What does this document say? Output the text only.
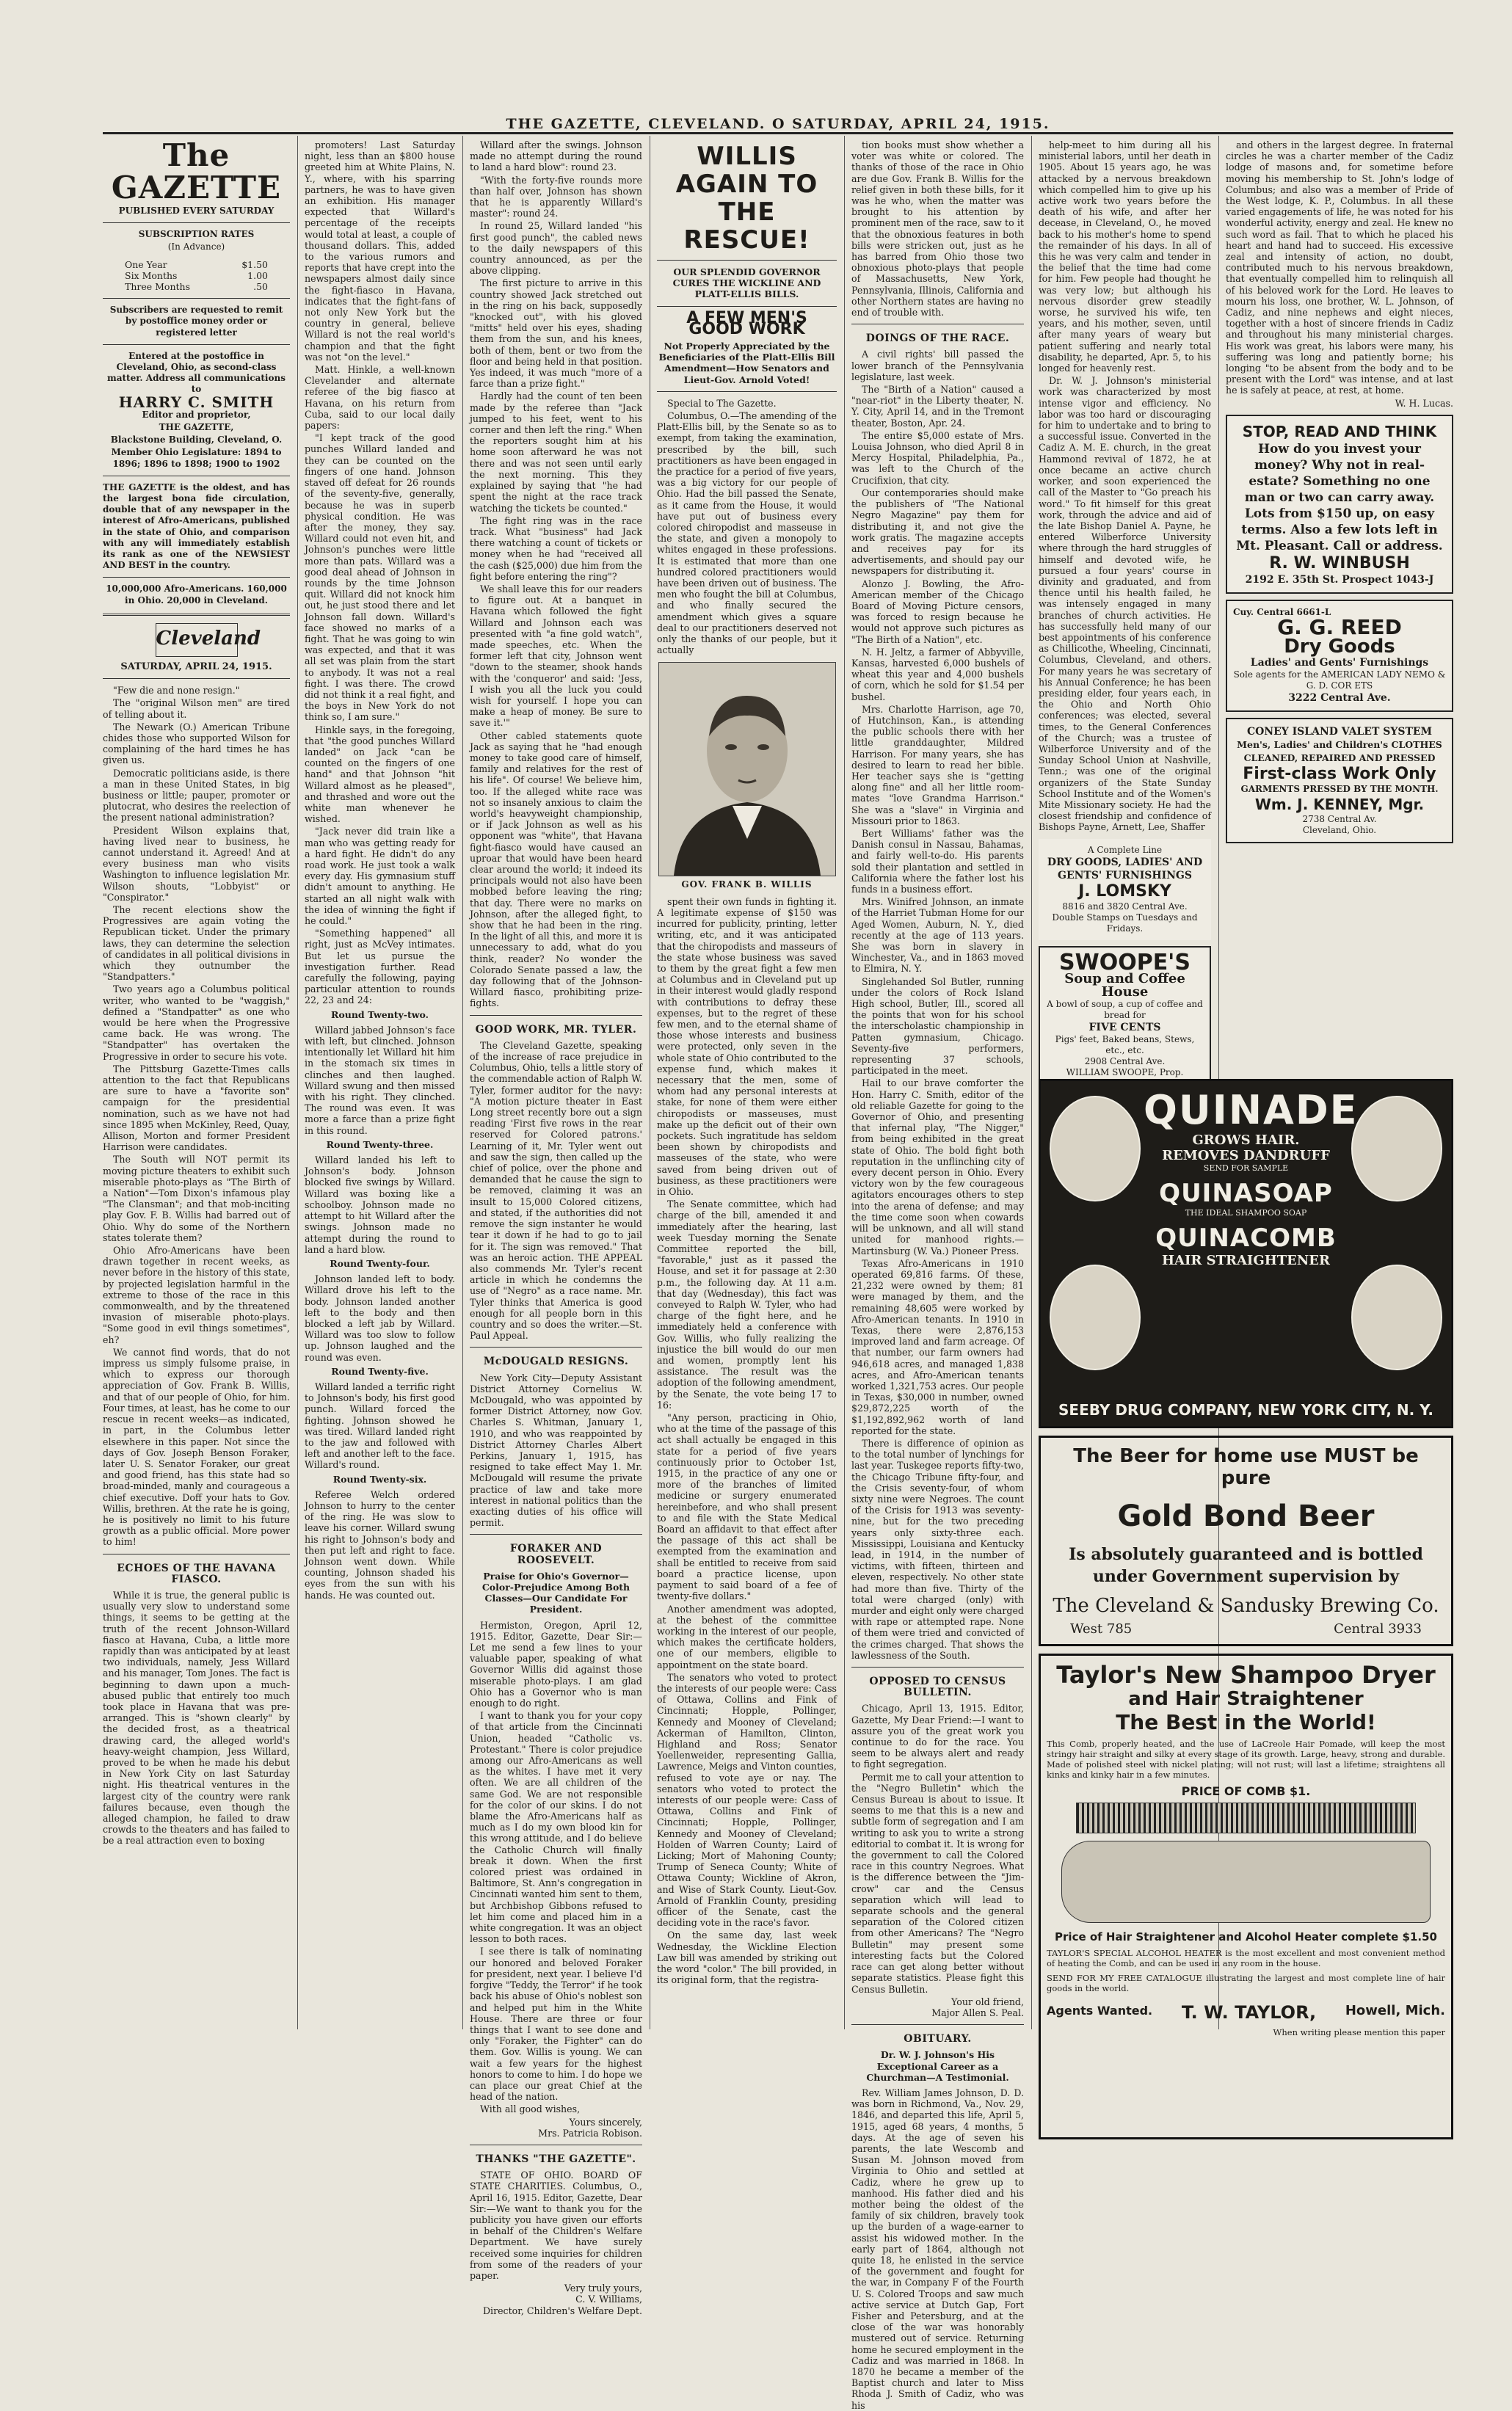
THE GAZETTE, CLEVELAND. O SATURDAY, APRIL 24, 1915.
The GAZETTE
PUBLISHED EVERY SATURDAY
SUBSCRIPTION RATES
(In Advance)
One Year	$1.50
Six Months	1.00
Three Months	.50
Subscribers are requested to remit by postoffice money order or registered letter
Entered at the postoffice in Cleveland, Ohio, as second-class matter. Address all communications to
HARRY C. SMITH
Editor and proprietor,
THE GAZETTE,
Blackstone Building, Cleveland, O.
Member Ohio Legislature: 1894 to 1896; 1896 to 1898; 1900 to 1902
THE GAZETTE is the oldest, and has the largest bona fide circulation, double that of any newspaper in the interest of Afro-Americans, published in the state of Ohio, and comparison with any will immediately establish its rank as one of the NEWSIEST AND BEST in the country.
10,000,000 Afro-Americans. 160,000 in Ohio. 20,000 in Cleveland.
Cleveland
SATURDAY, APRIL 24, 1915.

"Few die and none resign."

The "original Wilson men" are tired of telling about it.

The Newark (O.) American Tribune chides those who supported Wilson for complaining of the hard times he has given us.

Democratic politicians aside, is there a man in these United States, in big business or little; pauper, promoter or plutocrat, who desires the reelection of the present national administration?

President Wilson explains that, having lived near to business, he cannot understand it. Agreed! And at every business man who visits Washington to influence legislation Mr. Wilson shouts, "Lobbyist" or "Conspirator."

The recent elections show the Progressives are again voting the Republican ticket. Under the primary laws, they can determine the selection of candidates in all political divisions in which they outnumber the "Standpatters."

Two years ago a Columbus political writer, who wanted to be "waggish," defined a "Standpatter" as one who would be here when the Progressive came back. He was wrong. The "Standpatter" has overtaken the Progressive in order to secure his vote.

The Pittsburg Gazette-Times calls attention to the fact that Republicans are sure to have a "favorite son" campaign for the presidential nomination, such as we have not had since 1895 when McKinley, Reed, Quay, Allison, Morton and former President Harrison were candidates.

The South will NOT permit its moving picture theaters to exhibit such miserable photo-plays as "The Birth of a Nation"—Tom Dixon's infamous play "The Clansman"; and that mob-inciting play Gov. F. B. Willis had barred out of Ohio. Why do some of the Northern states tolerate them?

Ohio Afro-Americans have been drawn together in recent weeks, as never before in the history of this state, by projected legislation harmful in the extreme to those of the race in this commonwealth, and by the threatened invasion of miserable photo-plays. "Some good in evil things sometimes", eh?

We cannot find words, that do not impress us simply fulsome praise, in which to express our thorough appreciation of Gov. Frank B. Willis, and that of our people of Ohio, for him. Four times, at least, has he come to our rescue in recent weeks—as indicated, in part, in the Columbus letter elsewhere in this paper. Not since the days of Gov. Joseph Benson Foraker, later U. S. Senator Foraker, our great and good friend, has this state had so broad-minded, manly and courageous a chief executive. Doff your hats to Gov. Willis, brethren. At the rate he is going, he is positively no limit to his future growth as a public official. More power to him!

ECHOES OF THE HAVANA FIASCO.

While it is true, the general public is usually very slow to understand some things, it seems to be getting at the truth of the recent Johnson-Willard fiasco at Havana, Cuba, a little more rapidly than was anticipated by at least two individuals, namely, Jess Willard and his manager, Tom Jones. The fact is beginning to dawn upon a much-abused public that entirely too much took place in Havana that was pre-arranged. This is "shown clearly" by the decided frost, as a theatrical drawing card, the alleged world's heavy-weight champion, Jess Willard, proved to be when he made his debut in New York City on last Saturday night. His theatrical ventures in the largest city of the country were rank failures because, even though the alleged champion, he failed to draw crowds to the theaters and has failed to be a real attraction even to boxing

promoters! Last Saturday night, less than an $800 house greeted him at White Plains, N. Y., where, with his sparring partners, he was to have given an exhibition. His manager expected that Willard's percentage of the receipts would total at least, a couple of thousand dollars. This, added to the various rumors and reports that have crept into the newspapers almost daily since the fight-fiasco in Havana, indicates that the fight-fans of not only New York but the country in general, believe Willard is not the real world's champion and that the fight was not "on the level."

Matt. Hinkle, a well-known Clevelander and alternate referee of the big fiasco at Havana, on his return from Cuba, said to our local daily papers:

"I kept track of the good punches Willard landed and they can be counted on the fingers of one hand. Johnson staved off defeat for 26 rounds of the seventy-five, generally, because he was in superb physical condition. He was after the money, they say. Willard could not even hit, and Johnson's punches were little more than pats. Willard was a good deal ahead of Johnson in rounds by the time Johnson quit. Willard did not knock him out, he just stood there and let Johnson fall down. Willard's face showed no marks of a fight. That he was going to win was expected, and that it was all set was plain from the start to anybody. It was not a real fight. I was there. The crowd did not think it a real fight, and the boys in New York do not think so, I am sure."

Hinkle says, in the foregoing, that "the good punches Willard landed" on Jack "can be counted on the fingers of one hand" and that Johnson "hit Willard almost as he pleased", and thrashed and wore out the white man whenever he wished.

"Jack never did train like a man who was getting ready for a hard fight. He didn't do any road work. He just took a walk every day. His gymnasium stuff didn't amount to anything. He started an all night walk with the idea of winning the fight if he could."

"Something happened" all right, just as McVey intimates. But let us pursue the investigation further. Read carefully the following, paying particular attention to rounds 22, 23 and 24:

Round Twenty-two.

Willard jabbed Johnson's face with left, but clinched. Johnson intentionally let Willard hit him in the stomach six times in clinches and then laughed. Willard swung and then missed with his right. They clinched. The round was even. It was more a farce than a prize fight in this round.

Round Twenty-three.

Willard landed his left to Johnson's body. Johnson blocked five swings by Willard. Willard was boxing like a schoolboy. Johnson made no attempt to hit Willard after the swings. Johnson made no attempt during the round to land a hard blow.

Round Twenty-four.

Johnson landed left to body. Willard drove his left to the body. Johnson landed another left to the body and then blocked a left jab by Willard. Willard was too slow to follow up. Johnson laughed and the round was even.

Round Twenty-five.

Willard landed a terrific right to Johnson's body, his first good punch. Willard forced the fighting. Johnson showed he was tired. Willard landed right to the jaw and followed with left and another left to the face. Willard's round.

Round Twenty-six.

Referee Welch ordered Johnson to hurry to the center of the ring. He was slow to leave his corner. Willard swung his right to Johnson's body and then put left and right to face. Johnson went down. While counting, Johnson shaded his eyes from the sun with his hands. He was counted out.

Willard after the swings. Johnson made no attempt during the round to land a hard blow": round 23.

"With the forty-five rounds more than half over, Johnson has shown that he is apparently Willard's master": round 24.

In round 25, Willard landed "his first good punch", the cabled news to the daily newspapers of this country announced, as per the above clipping.

The first picture to arrive in this country showed Jack stretched out in the ring on his back, supposedly "knocked out", with his gloved "mitts" held over his eyes, shading them from the sun, and his knees, both of them, bent or two from the floor and being held in that position. Yes indeed, it was much "more of a farce than a prize fight."

Hardly had the count of ten been made by the referee than "Jack jumped to his feet, went to his corner and then left the ring." When the reporters sought him at his home soon afterward he was not there and was not seen until early the next morning. This they explained by saying that "he had spent the night at the race track watching the tickets be counted."

The fight ring was in the race track. What "business" had Jack there watching a count of tickets or money when he had "received all the cash ($25,000) due him from the fight before entering the ring"?

We shall leave this for our readers to figure out. At a banquet in Havana which followed the fight Willard and Johnson each was presented with "a fine gold watch", made speeches, etc. When the former left that city, Johnson went "down to the steamer, shook hands with the 'conqueror' and said: 'Jess, I wish you all the luck you could wish for yourself. I hope you can make a heap of money. Be sure to save it.'"

Other cabled statements quote Jack as saying that he "had enough money to take good care of himself, family and relatives for the rest of his life". Of course! We believe him, too. If the alleged white race was not so insanely anxious to claim the world's heavyweight championship, or if Jack Johnson as well as his opponent was "white", that Havana fight-fiasco would have caused an uproar that would have been heard clear around the world; it indeed its principals would not also have been mobbed before leaving the ring; that day. There were no marks on Johnson, after the alleged fight, to show that he had been in the ring. In the light of all this, and more it is unnecessary to add, what do you think, reader? No wonder the Colorado Senate passed a law, the day following that of the Johnson-Willard fiasco, prohibiting prize-fights.

GOOD WORK, MR. TYLER.

The Cleveland Gazette, speaking of the increase of race prejudice in Columbus, Ohio, tells a little story of the commendable action of Ralph W. Tyler, former auditor for the navy: "A motion picture theater in East Long street recently bore out a sign reading 'First five rows in the rear reserved for Colored patrons.' Learning of it, Mr. Tyler went out and saw the sign, then called up the chief of police, over the phone and demanded that he cause the sign to be removed, claiming it was an insult to 15,000 Colored citizens, and stated, if the authorities did not remove the sign instanter he would tear it down if he had to go to jail for it. The sign was removed." That was an heroic action. THE APPEAL also commends Mr. Tyler's recent article in which he condemns the use of "Negro" as a race name. Mr. Tyler thinks that America is good enough for all people born in this country and so does the writer.—St. Paul Appeal.

McDOUGALD RESIGNS.

New York City—Deputy Assistant District Attorney Cornelius W. McDougald, who was appointed by former District Attorney, now Gov. Charles S. Whitman, January 1, 1910, and who was reappointed by District Attorney Charles Albert Perkins, January 1, 1915, has resigned to take effect May 1. Mr. McDougald will resume the private practice of law and take more interest in national politics than the exacting duties of his office will permit.

FORAKER AND ROOSEVELT.
Praise for Ohio's Governor—Color-Prejudice Among Both Classes—Our Candidate For President.

Hermiston, Oregon, April 12, 1915. Editor, Gazette, Dear Sir:—Let me send a few lines to your valuable paper, speaking of what Governor Willis did against those miserable photo-plays. I am glad Ohio has a Governor who is man enough to do right.

I want to thank you for your copy of that article from the Cincinnati Union, headed "Catholic vs. Protestant." There is color prejudice among our Afro-Americans as well as the whites. I have met it very often. We are all children of the same God. We are not responsible for the color of our skins. I do not blame the Afro-Americans half as much as I do my own blood kin for this wrong attitude, and I do believe the Catholic Church will finally break it down. When the first colored priest was ordained in Baltimore, St. Ann's congregation in Cincinnati wanted him sent to them, but Archbishop Gibbons refused to let him come and placed him in a white congregation. It was an object lesson to both races.

I see there is talk of nominating our honored and beloved Foraker for president, next year. I believe I'd forgive "Teddy, the Terror" if he took back his abuse of Ohio's noblest son and helped put him in the White House. There are three or four things that I want to see done and only "Foraker, the Fighter" can do them. Gov. Willis is young. We can wait a few years for the highest honors to come to him. I do hope we can place our great Chief at the head of the nation.

With all good wishes,

Yours sincerely,
Mrs. Patricia Robison.
THANKS "THE GAZETTE".

STATE OF OHIO. BOARD OF STATE CHARITIES. Columbus, O., April 16, 1915. Editor, Gazette, Dear Sir:—We want to thank you for the publicity you have given our efforts in behalf of the Children's Welfare Department. We have surely received some inquiries for children from some of the readers of your paper.

Very truly yours,
C. V. Williams,
Director, Children's Welfare Dept.
WILLIS AGAIN TO THE RESCUE!
OUR SPLENDID GOVERNOR CURES THE WICKLINE AND PLATT-ELLIS BILLS.
A FEW MEN'S GOOD WORK
Not Properly Appreciated by the Beneficiaries of the Platt-Ellis Bill Amendment—How Senators and Lieut-Gov. Arnold Voted!

Special to The Gazette.

Columbus, O.—The amending of the Platt-Ellis bill, by the Senate so as to exempt, from taking the examination, prescribed by the bill, such practitioners as have been engaged in the practice for a period of five years, was a big victory for our people of Ohio. Had the bill passed the Senate, as it came from the House, it would have put out of business every colored chiropodist and masseuse in the state, and given a monopoly to whites engaged in these professions. It is estimated that more than one hundred colored practitioners would have been driven out of business. The men who fought the bill at Columbus, and who finally secured the amendment which gives a square deal to our practitioners deserved not only the thanks of our people, but it actually

GOV. FRANK B. WILLIS

spent their own funds in fighting it. A legitimate expense of $150 was incurred for publicity, printing, letter writing, etc, and it was anticipated that the chiropodists and masseurs of the state whose business was saved to them by the great fight a few men at Columbus and in Cleveland put up in their interest would gladly respond with contributions to defray these expenses, but to the regret of these few men, and to the eternal shame of those whose interests and business were protected, only seven in the whole state of Ohio contributed to the expense fund, which makes it necessary that the men, some of whom had any personal interests at stake, for none of them were either chiropodists or masseuses, must make up the deficit out of their own pockets. Such ingratitude has seldom been shown by chiropodists and masseuses of the state, who were saved from being driven out of business, as these practitioners were in Ohio.

The Senate committee, which had charge of the bill, amended it and immediately after the hearing, last week Tuesday morning the Senate Committee reported the bill, "favorable," just as it passed the House, and set it for passage at 2:30 p.m., the following day. At 11 a.m. that day (Wednesday), this fact was conveyed to Ralph W. Tyler, who had charge of the fight here, and he immediately held a conference with Gov. Willis, who fully realizing the injustice the bill would do our men and women, promptly lent his assistance. The result was the adoption of the following amendment, by the Senate, the vote being 17 to 16:

"Any person, practicing in Ohio, who at the time of the passage of this act shall actually be engaged in this state for a period of five years continuously prior to October 1st, 1915, in the practice of any one or more of the branches of limited medicine or surgery enumerated hereinbefore, and who shall present to and file with the State Medical Board an affidavit to that effect after the passage of this act shall be exempted from the examination and shall be entitled to receive from said board a practice license, upon payment to said board of a fee of twenty-five dollars."

Another amendment was adopted, at the behest of the committee working in the interest of our people, which makes the certificate holders, one of our members, eligible to appointment on the state board.

The senators who voted to protect the interests of our people were: Cass of Ottawa, Collins and Fink of Cincinnati; Hopple, Pollinger, Kennedy and Mooney of Cleveland; Ackerman of Hamilton, Clinton, Highland and Ross; Senator Yoellenweider, representing Gallia, Lawrence, Meigs and Vinton counties, refused to vote aye or nay. The senators who voted to protect the interests of our people were: Cass of Ottawa, Collins and Fink of Cincinnati; Hopple, Pollinger, Kennedy and Mooney of Cleveland; Holden of Warren County; Laird of Licking; Mort of Mahoning County; Trump of Seneca County; White of Ottawa County; Wickline of Akron, and Wise of Stark County. Lieut-Gov. Arnold of Franklin County, presiding officer of the Senate, cast the deciding vote in the race's favor.

On the same day, last week Wednesday, the Wickline Election Law bill was amended by striking out the word "color." The bill provided, in its original form, that the registra-

tion books must show whether a voter was white or colored. The thanks of those of the race in Ohio are due Gov. Frank B. Willis for the relief given in both these bills, for it was he who, when the matter was brought to his attention by prominent men of the race, saw to it that the obnoxious features in both bills were stricken out, just as he has barred from Ohio those two obnoxious photo-plays that people of Massachusetts, New York, Pennsylvania, Illinois, California and other Northern states are having no end of trouble with.

DOINGS OF THE RACE.

A civil rights' bill passed the lower branch of the Pennsylvania legislature, last week.

The "Birth of a Nation" caused a "near-riot" in the Liberty theater, N. Y. City, April 14, and in the Tremont theater, Boston, Apr. 24.

The entire $5,000 estate of Mrs. Louisa Johnson, who died April 8 in Mercy Hospital, Philadelphia, Pa., was left to the Church of the Crucifixion, that city.

Our contemporaries should make the publishers of "The National Negro Magazine" pay them for distributing it, and not give the work gratis. The magazine accepts and receives pay for its advertisements, and should pay our newspapers for distributing it.

Alonzo J. Bowling, the Afro-American member of the Chicago Board of Moving Picture censors, was forced to resign because he would not approve such pictures as "The Birth of a Nation", etc.

N. H. Jeltz, a farmer of Abbyville, Kansas, harvested 6,000 bushels of wheat this year and 4,000 bushels of corn, which he sold for $1.54 per bushel.

Mrs. Charlotte Harrison, age 70, of Hutchinson, Kan., is attending the public schools there with her little granddaughter, Mildred Harrison. For many years, she has desired to learn to read her bible. Her teacher says she is "getting along fine" and all her little room-mates "love Grandma Harrison." She was a "slave" in Virginia and Missouri prior to 1863.

Bert Williams' father was the Danish consul in Nassau, Bahamas, and fairly well-to-do. His parents sold their plantation and settled in California where the father lost his funds in a business effort.

Mrs. Winifred Johnson, an inmate of the Harriet Tubman Home for our Aged Women, Auburn, N. Y., died recently at the age of 113 years. She was born in slavery in Winchester, Va., and in 1863 moved to Elmira, N. Y.

Singlehanded Sol Butler, running under the colors of Rock Island High school, Butler, Ill., scored all the points that won for his school the interscholastic championship in Patten gymnasium, Chicago. Seventy-five performers, representing 37 schools, participated in the meet.

Hail to our brave comforter the Hon. Harry C. Smith, editor of the old reliable Gazette for going to the Governor of Ohio, and presenting that infernal play, "The Nigger," from being exhibited in the great state of Ohio. The bold fight both reputation in the unflinching city of every decent person in Ohio. Every victory won by the few courageous agitators encourages others to step into the arena of defense; and may the time come soon when cowards will be unknown, and all will stand united for manhood rights.—Martinsburg (W. Va.) Pioneer Press.

Texas Afro-Americans in 1910 operated 69,816 farms. Of these, 21,232 were owned by them; 81 were managed by them, and the remaining 48,605 were worked by Afro-American tenants. In 1910 in Texas, there were 2,876,153 improved land and farm acreage. Of that number, our farm owners had 946,618 acres, and managed 1,838 acres, and Afro-American tenants worked 1,321,753 acres. Our people in Texas, $30,000 in number, owned $29,872,225 worth of the $1,192,892,962 worth of land reported for the state.

There is difference of opinion as to the total number of lynchings for last year. Tuskegee reports fifty-two, the Chicago Tribune fifty-four, and the Crisis seventy-four, of whom sixty nine were Negroes. The count of the Crisis for 1913 was seventy-nine, but for the two preceding years only sixty-three each. Mississippi, Louisiana and Kentucky lead, in 1914, in the number of victims, with fifteen, thirteen and eleven, respectively. No other state had more than five. Thirty of the total were charged (only) with murder and eight only were charged with rape or attempted rape. None of them were tried and convicted of the crimes charged. That shows the lawlessness of the South.

OPPOSED TO CENSUS BULLETIN.

Chicago, April 13, 1915. Editor, Gazette, My Dear Friend:—I want to assure you of the great work you continue to do for the race. You seem to be always alert and ready to fight segregation.

Permit me to call your attention to the "Negro Bulletin" which the Census Bureau is about to issue. It seems to me that this is a new and subtle form of segregation and I am writing to ask you to write a strong editorial to combat it. It is wrong for the government to call the Colored race in this country Negroes. What is the difference between the "Jim-crow" car and the Census separation which will lead to separate schools and the general separation of the Colored citizen from other Americans? The "Negro Bulletin" may present some interesting facts but the Colored race can get along better without separate statistics. Please fight this Census Bulletin.

Your old friend,
Major Allen S. Peal.
OBITUARY.
Dr. W. J. Johnson's His Exceptional Career as a Churchman—A Testimonial.

Rev. William James Johnson, D. D. was born in Richmond, Va., Nov. 29, 1846, and departed this life, April 5, 1915, aged 68 years, 4 months, 5 days. At the age of seven his parents, the late Wescomb and Susan M. Johnson moved from Virginia to Ohio and settled at Cadiz, where he grew up to manhood. His father died and his mother being the oldest of the family of six children, bravely took up the burden of a wage-earner to assist his widowed mother. In the early part of 1864, although not quite 18, he enlisted in the service of the government and fought for the war, in Company F of the Fourth U. S. Colored Troops and saw much active service at Dutch Gap, Fort Fisher and Petersburg, and at the close of the war was honorably mustered out of service. Returning home he secured employment in the Cadiz and was married in 1868. In 1870 he became a member of the Baptist church and later to Miss Rhoda J. Smith of Cadiz, who was his

help-meet to him during all his ministerial labors, until her death in 1905. About 15 years ago, he was attacked by a nervous breakdown which compelled him to give up his active work two years before the death of his wife, and after her decease, in Cleveland, O., he moved back to his mother's home to spend the remainder of his days. In all of this he was very calm and tender in the belief that the time had come for him. Few people had thought he was very low; but although his nervous disorder grew steadily worse, he survived his wife, ten years, and his mother, seven, until after many years of weary but patient suffering and nearly total disability, he departed, Apr. 5, to his longed for heavenly rest.

Dr. W. J. Johnson's ministerial work was characterized by most intense vigor and efficiency. No labor was too hard or discouraging for him to undertake and to bring to a successful issue. Converted in the Cadiz A. M. E. church, in the great Hammond revival of 1872, he at once became an active church worker, and soon experienced the call of the Master to "Go preach his word." To fit himself for this great work, through the advice and aid of the late Bishop Daniel A. Payne, he entered Wilberforce University where through the hard struggles of himself and devoted wife, he pursued a four years' course in divinity and graduated, and from thence until his health failed, he was intensely engaged in many branches of church activities. He has successfully held many of our best appointments of his conference as Chillicothe, Wheeling, Cincinnati, Columbus, Cleveland, and others. For many years he was secretary of his Annual Conference; he has been presiding elder, four years each, in the Ohio and North Ohio conferences; was elected, several times, to the General Conferences of the Church; was a trustee of Wilberforce University and of the Sunday School Union at Nashville, Tenn.; was one of the original organizers of the State Sunday School Institute and of the Women's Mite Missionary society. He had the closest friendship and confidence of Bishops Payne, Arnett, Lee, Shaffer

A Complete Line
DRY GOODS, LADIES' AND GENTS' FURNISHINGS
J. LOMSKY
8816 and 3820 Central Ave.
Double Stamps on Tuesdays and Fridays.
SWOOPE'S
Soup and Coffee House
A bowl of soup, a cup of coffee and bread for
FIVE CENTS
Pigs' feet, Baked beans, Stews, etc., etc.
2908 Central Ave.
WILLIAM SWOOPE, Prop.

and others in the largest degree. In fraternal circles he was a charter member of the Cadiz lodge of masons and, for sometime before moving his membership to St. John's lodge of Columbus; and also was a member of Pride of the West lodge, K. P., Columbus. In all these varied engagements of life, he was noted for his wonderful activity, energy and zeal. He knew no such word as fail. That to which he placed his heart and hand had to succeed. His excessive zeal and intensity of action, no doubt, contributed much to his nervous breakdown, that eventually compelled him to relinquish all of his beloved work for the Lord. He leaves to mourn his loss, one brother, W. L. Johnson, of Cadiz, and nine nephews and eight nieces, together with a host of sincere friends in Cadiz and throughout his many ministerial charges. His work was great, his labors were many, his suffering was long and patiently borne; his longing "to be absent from the body and to be present with the Lord" was intense, and at last he is safely at peace, at rest, at home.

W. H. Lucas.
STOP, READ AND THINK
How do you invest your money? Why not in real-estate? Something no one man or two can carry away. Lots from $150 up, on easy terms. Also a few lots left in Mt. Pleasant. Call or address.
R. W. WINBUSH
2192 E. 35th St. Prospect 1043-J
Cuy. Central 6661-L
G. G. REED
Dry Goods
Ladies' and Gents' Furnishings
Sole agents for the AMERICAN LADY NEMO & G. D. COR ETS
3222 Central Ave.
CONEY ISLAND VALET SYSTEM
Men's, Ladies' and Children's CLOTHES CLEANED, REPAIRED AND PRESSED
First-class Work Only
GARMENTS PRESSED BY THE MONTH.
Wm. J. KENNEY, Mgr.
2738 Central Av.
Cleveland, Ohio.
QUINADE
GROWS HAIR.
REMOVES DANDRUFF
SEND FOR SAMPLE
QUINASOAP
THE IDEAL SHAMPOO SOAP
QUINACOMB
HAIR STRAIGHTENER
SEEBY DRUG COMPANY, NEW YORK CITY, N. Y.
The Beer for home use MUST be pure
Gold Bond Beer
Is absolutely guaranteed and is bottled under Government supervision by
The Cleveland & Sandusky Brewing Co.
West 785	Central 3933
Taylor's New Shampoo Dryer
and Hair Straightener
The Best in the World!
This Comb, properly heated, and the use of LaCreole Hair Pomade, will keep the most stringy hair straight and silky at every stage of its growth. Large, heavy, strong and durable. Made of polished steel with nickel plating; will not rust; will last a lifetime; straightens all kinks and kinky hair in a few minutes.
PRICE OF COMB $1.
Price of Hair Straightener and Alcohol Heater complete $1.50
TAYLOR'S SPECIAL ALCOHOL HEATER is the most excellent and most convenient method of heating the Comb, and can be used in any room in the house.
SEND FOR MY FREE CATALOGUE illustrating the largest and most complete line of hair goods in the world.
Agents Wanted. T. W. TAYLOR, Howell, Mich.
When writing please mention this paper
